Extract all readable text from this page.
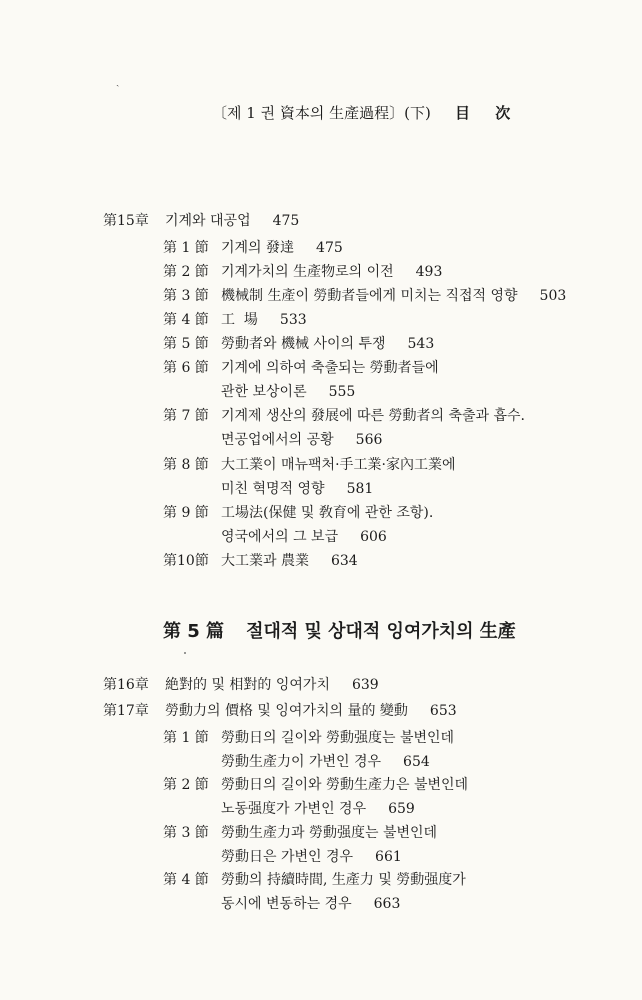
ˎ
〔제 1 권 資本의 生產過程〕(下) 目 次
第15章 기계와 대공업 475
第 1 節 기계의 發達 475
第 2 節 기계가치의 生產物로의 이전 493
第 3 節 機械制 生產이 勞動者들에게 미치는 직접적 영향 503
第 4 節 工  場 533
第 5 節 勞動者와 機械 사이의 투쟁 543
第 6 節 기계에 의하여 축출되는 勞動者들에
관한 보상이론 555
第 7 節 기계제 생산의 發展에 따른 勞動者의 축출과 흡수.
면공업에서의 공황 566
第 8 節 大工業이 매뉴팩처·手工業·家內工業에
미친 혁명적 영향 581
第 9 節 工場法(保健 및 敎育에 관한 조항).
영국에서의 그 보급 606
第10節 大工業과 農業 634
第 5 篇 절대적 및 상대적 잉여가치의 生產
第16章 絶對的 및 相對的 잉여가치 639
第17章 勞動力의 價格 및 잉여가치의 量的 變動 653
第 1 節 勞動日의 길이와 勞動强度는 불변인데
勞動生產力이 가변인 경우 654
第 2 節 勞動日의 길이와 勞動生產力은 불변인데
노동强度가 가변인 경우 659
第 3 節 勞動生產力과 勞動强度는 불변인데
勞動日은 가변인 경우 661
第 4 節 勞動의 持續時間, 生產力 및 勞動强度가
동시에 변동하는 경우 663
